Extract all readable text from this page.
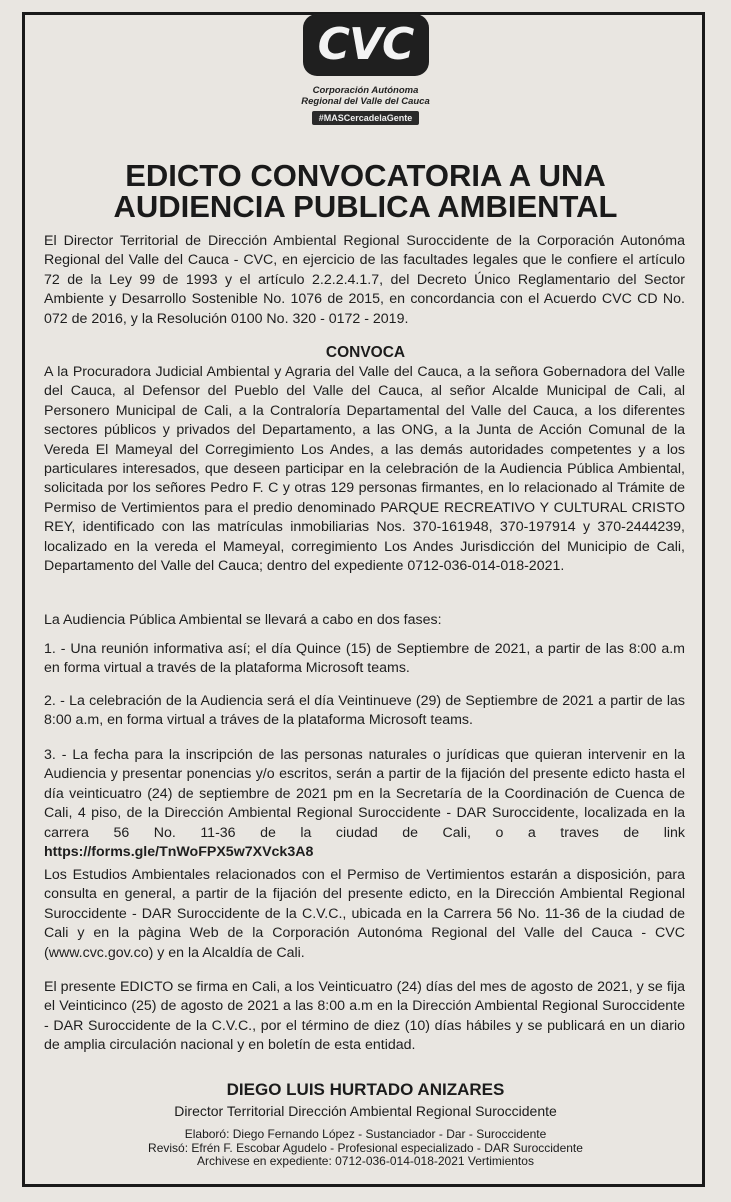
CVC
Corporación Autónoma
Regional del Valle del Cauca
#MASCercadelaGente
EDICTO CONVOCATORIA A UNA
AUDIENCIA PUBLICA AMBIENTAL
El Director Territorial de Dirección Ambiental Regional Suroccidente de la Corporación Autonóma Regional del Valle del Cauca - CVC, en ejercicio de las facultades legales que le confiere el artículo 72 de la Ley 99 de 1993 y el artículo 2.2.2.4.1.7, del Decreto Único Reglamentario del Sector Ambiente y Desarrollo Sostenible No. 1076 de 2015, en concordancia con el Acuerdo CVC CD No. 072 de 2016, y la Resolución 0100 No. 320 - 0172 - 2019.
CONVOCA
A la Procuradora Judicial Ambiental y Agraria del Valle del Cauca, a la señora Gobernadora del Valle del Cauca, al Defensor del Pueblo del Valle del Cauca, al señor Alcalde Municipal de Cali, al Personero Municipal de Cali, a la Contraloría Departamental del Valle del Cauca, a los diferentes sectores públicos y privados del Departamento, a las ONG, a la Junta de Acción Comunal de la Vereda El Mameyal del Corregimiento Los Andes, a las demás autoridades competentes y a los particulares interesados, que deseen participar en la celebración de la Audiencia Pública Ambiental, solicitada por los señores Pedro F. C y otras 129 personas firmantes, en lo relacionado al Trámite de Permiso de Vertimientos para el predio denominado PARQUE RECREATIVO Y CULTURAL CRISTO REY, identificado con las matrículas inmobiliarias Nos. 370-161948, 370-197914 y 370-2444239, localizado en la vereda el Mameyal, corregimiento Los Andes Jurisdicción del Municipio de Cali, Departamento del Valle del Cauca; dentro del expediente 0712-036-014-018-2021.
La Audiencia Pública Ambiental se llevará a cabo en dos fases:
1. - Una reunión informativa así; el día Quince (15) de Septiembre de 2021, a partir de las 8:00 a.m en forma virtual a través de la plataforma Microsoft teams.
2. - La celebración de la Audiencia será el día Veintinueve (29) de Septiembre de 2021 a partir de las 8:00 a.m, en forma virtual a tráves de la plataforma Microsoft teams.
3. - La fecha para la inscripción de las personas naturales o jurídicas que quieran intervenir en la Audiencia y presentar ponencias y/o escritos, serán a partir de la fijación del presente edicto hasta el día veinticuatro (24) de septiembre de 2021 pm en la Secretaría de la Coordinación de Cuenca de Cali, 4 piso, de la Dirección Ambiental Regional Suroccidente - DAR Suroccidente, localizada en la carrera 56 No. 11-36 de la ciudad de Cali, o a traves de link https://forms.gle/TnWoFPX5w7XVck3A8
Los Estudios Ambientales relacionados con el Permiso de Vertimientos estarán a disposición, para consulta en general, a partir de la fijación del presente edicto, en la Dirección Ambiental Regional Suroccidente - DAR Suroccidente de la C.V.C., ubicada en la Carrera 56 No. 11-36 de la ciudad de Cali y en la pàgina Web de la Corporación Autonóma Regional del Valle del Cauca - CVC (www.cvc.gov.co) y en la Alcaldía de Cali.
El presente EDICTO se firma en Cali, a los Veinticuatro (24) días del mes de agosto de 2021, y se fija el Veinticinco (25) de agosto de 2021 a las 8:00 a.m en la Dirección Ambiental Regional Suroccidente - DAR Suroccidente de la C.V.C., por el término de diez (10) días hábiles y se publicará en un diario de amplia circulación nacional y en boletín de esta entidad.
DIEGO LUIS HURTADO ANIZARES
Director Territorial Dirección Ambiental Regional Suroccidente
Elaboró: Diego Fernando López - Sustanciador - Dar - Suroccidente
Revisó: Efrén F. Escobar Agudelo - Profesional especializado - DAR Suroccidente
Archivese en expediente: 0712-036-014-018-2021 Vertimientos
